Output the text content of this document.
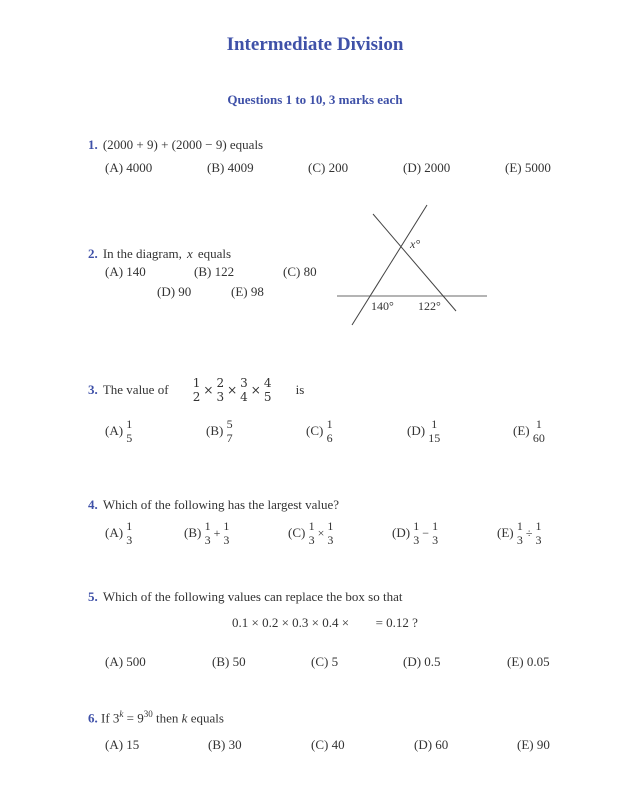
Intermediate Division
Questions 1 to 10, 3 marks each
1. (2000 + 9) + (2000 − 9) equals
(A) 4000	(B) 4009	(C) 200	(D) 2000	(E) 5000
2. In the diagram, x equals
(A) 140	(B) 122	(C) 80
(D) 90	(E) 98
x°
140° 122°
3. The value of 1
2 × 2
3 × 3
4 × 4
5 is
(A) 1
5	(B) 5
7	(C) 1
6	(D) 1
15	(E) 1
60
4. Which of the following has the largest value?
(A) 1
3	(B) 1
3
+ 1
3	(C) 1
3
× 1
3	(D) 1
3
− 1
3	(E) 1
3
÷ 1
3
5. Which of the following values can replace the box so that
0.1 × 0.2 × 0.3 × 0.4 × = 0.12 ?
(A) 500	(B) 50	(C) 5	(D) 0.5	(E) 0.05
6. If $3^k = 9^{30}$ then k equals
(A) 15	(B) 30	(C) 40	(D) 60	(E) 90
